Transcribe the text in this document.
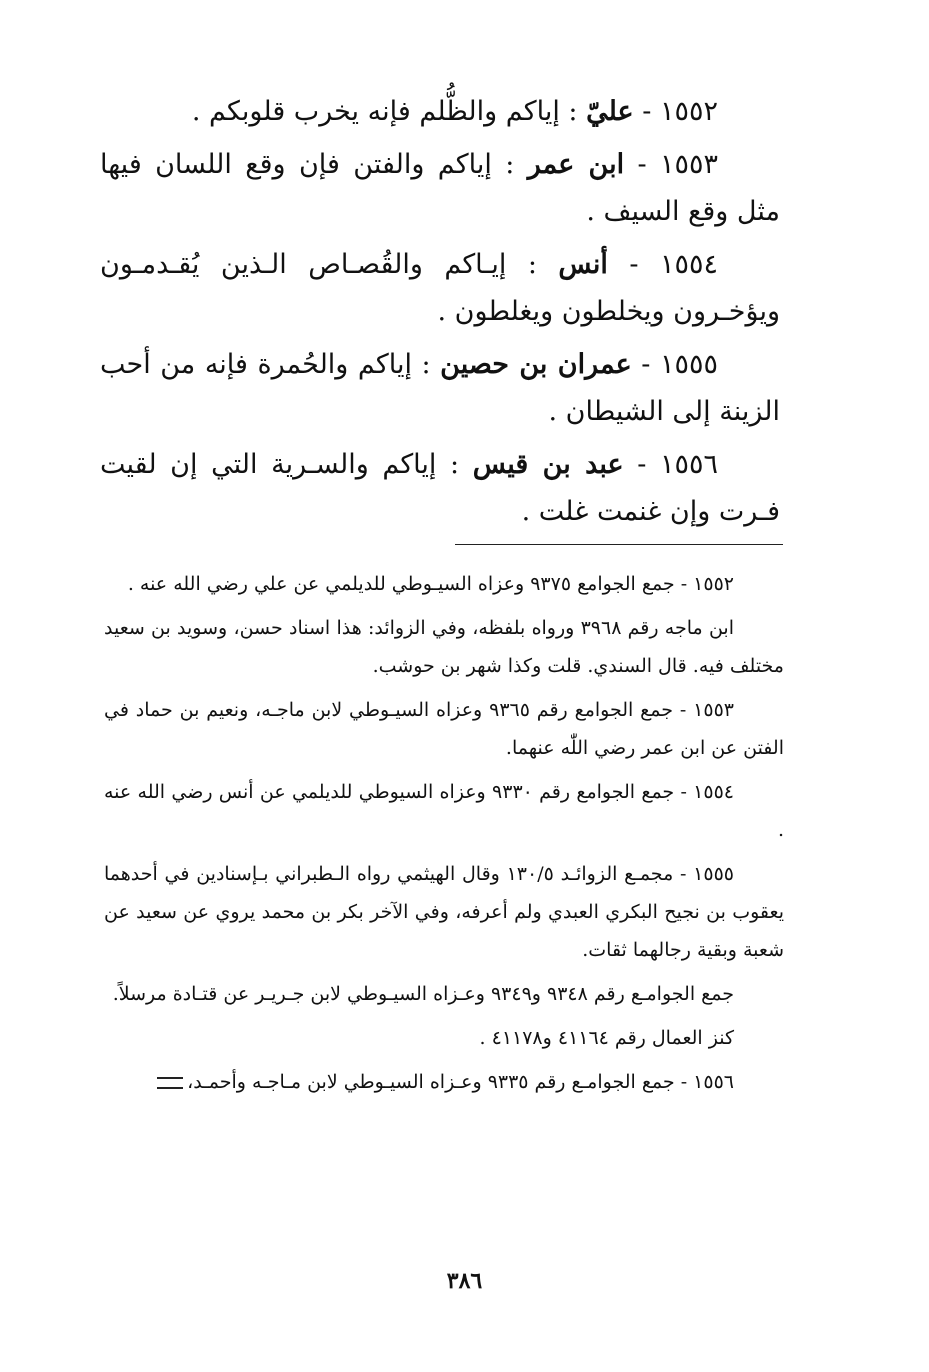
١٥٥٢ - عليّ : إياكم والظُّلم فإنه يخرب قلوبكم .

١٥٥٣ - ابن عمر : إياكم والفتن فإن وقع اللسان فيها مثل وقع السيف .

١٥٥٤ - أنس : إيـاكم والقُصـاص الـذين يُقـدمـون ويؤخـرون ويخلطون ويغلطون .

١٥٥٥ - عمران بن حصين : إياكم والحُمرة فإنه من أحب الزينة إلى الشيطان .

١٥٥٦ - عبد بن قيس : إياكم والسـرية التي إن لقيت فـرت وإن غنمت غلت .

١٥٥٢ - جمع الجوامع ٩٣٧٥ وعزاه السيـوطي للديلمي عن علي رضي الله عنه .

ابن ماجه رقم ٣٩٦٨ ورواه بلفظه، وفي الزوائد: هذا اسناد حسن، وسويد بن سعيد مختلف فيه. قال السندي. قلت وكذا شهر بن حوشب.

١٥٥٣ - جمع الجوامع رقم ٩٣٦٥ وعزاه السيـوطي لابن ماجـه، ونعيم بن حماد في الفتن عن ابن عمر رضي اللّٰه عنهما.

١٥٥٤ - جمع الجوامع رقم ٩٣٣٠ وعزاه السيوطي للديلمي عن أنس رضي الله عنه .

١٥٥٥ - مجمـع الزوائـد ١٣٠/٥ وقال الهيثمي رواه الـطبراني بـإسنادين في أحدهما يعقوب بن نجيح البكري العبدي ولم أعرفه، وفي الآخر بكر بن محمد يروي عن سعيد عن شعبة وبقية رجالهما ثقات.

جمع الجوامـع رقم ٩٣٤٨ و٩٣٤٩ وعـزاه السيـوطي لابن جـريـر عن قتـادة مرسلاً.

كنز العمال رقم ٤١١٦٤ و٤١١٧٨ .

١٥٥٦ - جمع الجوامـع رقم ٩٣٣٥ وعـزاه السيـوطي لابن مـاجـه وأحمـد،

٣٨٦
